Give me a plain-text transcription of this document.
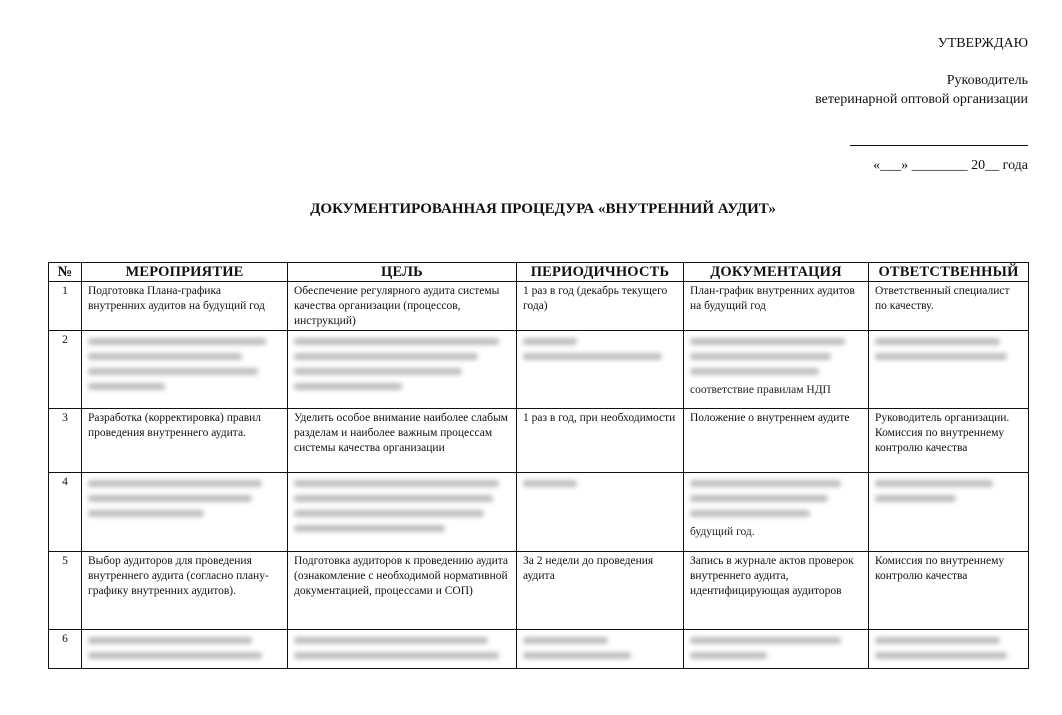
УТВЕРЖДАЮ
Руководитель
ветеринарной оптовой организации
«___» ________ 20__ года
ДОКУМЕНТИРОВАННАЯ ПРОЦЕДУРА «ВНУТРЕННИЙ АУДИТ»
№	МЕРОПРИЯТИЕ	ЦЕЛЬ	ПЕРИОДИЧНОСТЬ	ДОКУМЕНТАЦИЯ	ОТВЕТСТВЕННЫЙ
1	Подготовка Плана-графика внутренних аудитов на будущий год	Обеспечение регулярного аудита системы качества организации (процессов, инструкций)	1 раз в год (декабрь текущего года)	План-график внутренних аудитов на будущий год	Ответственный специалист по качеству.
2				соответствие правилам НДП	

3	Разработка (корректировка) правил проведения внутреннего аудита.	Уделить особое внимание наиболее слабым разделам и наиболее важным процессам системы качества организации	1 раз в год, при необходимости	Положение о внутреннем аудите	Руководитель организации. Комиссия по внутреннему контролю качества
4				будущий год.	

5	Выбор аудиторов для проведения внутреннего аудита (согласно плану-графику внутренних аудитов).	Подготовка аудиторов к проведению аудита (ознакомление с необходимой нормативной документацией, процессами и СОП)	За 2 недели до проведения аудита	Запись в журнале актов проверок внутреннего аудита, идентифицирующая аудиторов	Комиссия по внутреннему контролю качества
6	
